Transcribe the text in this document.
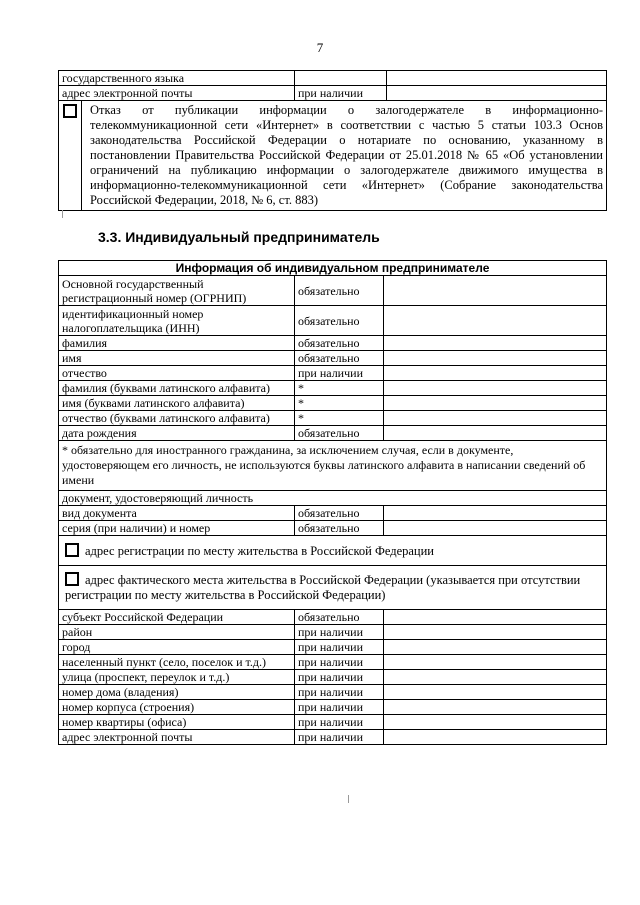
7
государственного языка		
адрес электронной почты	при наличии	

Отказ от публикации информации о залогодержателе в информационно-телекоммуникационной сети «Интернет» в соответствии с частью 5 статьи 103.3 Основ законодательства Российской Федерации о нотариате по основанию, указанному в постановлении Правительства Российской Федерации от 25.01.2018 № 65 «Об установлении ограничений на публикацию информации о залогодержателе движимого имущества в информационно-телекоммуникационной сети «Интернет» (Собрание законодательства Российской Федерации, 2018, № 6, ст. 883)		
3.3. Индивидуальный предприниматель
Информация об индивидуальном предпринимателе		
Основной государственный регистрационный номер (ОГРНИП)	обязательно	
идентификационный номер налогоплательщика (ИНН)	обязательно	
фамилия	обязательно	
имя	обязательно	
отчество	при наличии	
фамилия (буквами латинского алфавита)	*	
имя (буквами латинского алфавита)	*	
отчество (буквами латинского алфавита)	*	
дата рождения	обязательно	
* обязательно для иностранного гражданина, за исключением случая, если в документе, удостоверяющем его личность, не используются буквы латинского алфавита в написании сведений об имени		
документ, удостоверяющий личность		
вид документа	обязательно	
серия (при наличии) и номер	обязательно	
адрес регистрации по месту жительства в Российской Федерации		
адрес фактического места жительства в Российской Федерации (указывается при отсутствии регистрации по месту жительства в Российской Федерации)		
субъект Российской Федерации	обязательно	
район	при наличии	
город	при наличии	
населенный пункт (село, поселок и т.д.)	при наличии	
улица (проспект, переулок и т.д.)	при наличии	
номер дома (владения)	при наличии	
номер корпуса (строения)	при наличии	
номер квартиры (офиса)	при наличии	
адрес электронной почты	при наличии	
